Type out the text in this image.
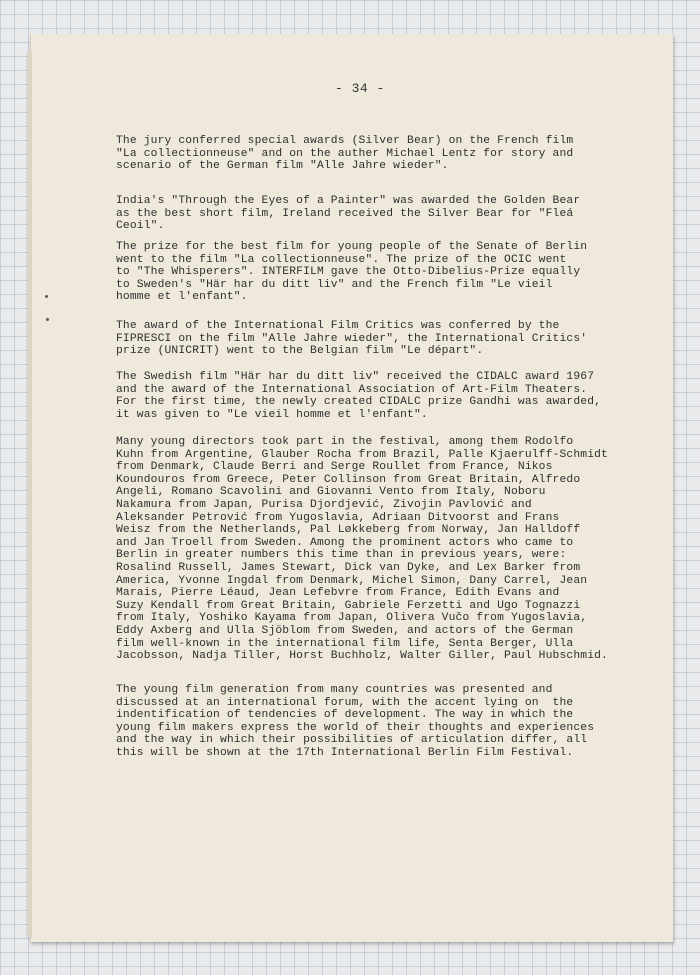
- 34 -

The jury conferred special awards (Silver Bear) on the French film
"La collectionneuse" and on the auther Michael Lentz for story and
scenario of the German film "Alle Jahre wieder".

India's "Through the Eyes of a Painter" was awarded the Golden Bear
as the best short film, Ireland received the Silver Bear for "Fleá
Ceoil".

The prize for the best film for young people of the Senate of Berlin
went to the film "La collectionneuse". The prize of the OCIC went
to "The Whisperers". INTERFILM gave the Otto-Dibelius-Prize equally
to Sweden's "Här har du ditt liv" and the French film "Le vieil
homme et l'enfant".

The award of the International Film Critics was conferred by the
FIPRESCI on the film "Alle Jahre wieder", the International Critics'
prize (UNICRIT) went to the Belgian film "Le départ".

The Swedish film "Här har du ditt liv" received the CIDALC award 1967
and the award of the International Association of Art-Film Theaters.
For the first time, the newly created CIDALC prize Gandhi was awarded,
it was given to "Le vieil homme et l'enfant".

Many young directors took part in the festival, among them Rodolfo
Kuhn from Argentine, Glauber Rocha from Brazil, Palle Kjaerulff-Schmidt
from Denmark, Claude Berri and Serge Roullet from France, Nikos
Koundouros from Greece, Peter Collinson from Great Britain, Alfredo
Angeli, Romano Scavolini and Giovanni Vento from Italy, Noboru
Nakamura from Japan, Purisa Djordjević, Zivojin Pavlović and
Aleksander Petrović from Yugoslavia, Adriaan Ditvoorst and Frans
Weisz from the Netherlands, Pal Løkkeberg from Norway, Jan Halldoff
and Jan Troell from Sweden. Among the prominent actors who came to
Berlin in greater numbers this time than in previous years, were:
Rosalind Russell, James Stewart, Dick van Dyke, and Lex Barker from
America, Yvonne Ingdal from Denmark, Michel Simon, Dany Carrel, Jean
Marais, Pierre Léaud, Jean Lefebvre from France, Edith Evans and
Suzy Kendall from Great Britain, Gabriele Ferzetti and Ugo Tognazzi
from Italy, Yoshiko Kayama from Japan, Olivera Vučo from Yugoslavia,
Eddy Axberg and Ulla Sjöblom from Sweden, and actors of the German
film well-known in the international film life, Senta Berger, Ulla
Jacobsson, Nadja Tiller, Horst Buchholz, Walter Giller, Paul Hubschmid.

The young film generation from many countries was presented and
discussed at an international forum, with the accent lying on  the
indentification of tendencies of development. The way in which the
young film makers express the world of their thoughts and experiences
and the way in which their possibilities of articulation differ, all
this will be shown at the 17th International Berlin Film Festival.
